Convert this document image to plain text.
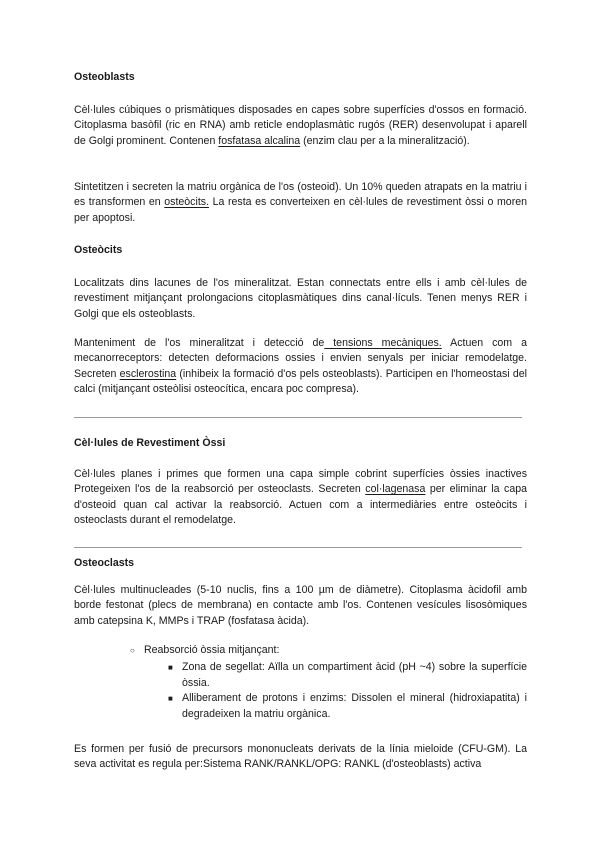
Osteoblasts

Cèl·lules cúbiques o prismàtiques disposades en capes sobre superfícies d'ossos en formació. Citoplasma basòfil (ric en RNA) amb reticle endoplasmàtic rugós (RER) desenvolupat i aparell de Golgi prominent. Contenen fosfatasa alcalina (enzim clau per a la mineralització).

Sintetitzen i secreten la matriu orgànica de l'os (osteoid). Un 10% queden atrapats en la matriu i es transformen en osteòcits. La resta es converteixen en cèl·lules de revestiment òssi o moren per apoptosi.

Osteòcits

Localitzats dins lacunes de l'os mineralitzat. Estan connectats entre ells i amb cèl·lules de revestiment mitjançant prolongacions citoplasmàtiques dins canal·lículs. Tenen menys RER i Golgi que els osteoblasts.

Manteniment de l'os mineralitzat i detecció de tensions mecàniques. Actuen com a mecanorreceptors: detecten deformacions ossies i envien senyals per iniciar remodelatge. Secreten esclerostina (inhibeix la formació d'os pels osteoblasts). Participen en l'homeostasi del calci (mitjançant osteòlisi osteocítica, encara poc compresa).

Cèl·lules de Revestiment Òssi

Cèl·lules planes i primes que formen una capa simple cobrint superfícies òssies inactives Protegeixen l'os de la reabsorció per osteoclasts. Secreten col·lagenasa per eliminar la capa d'osteoid quan cal activar la reabsorció. Actuen com a intermediàries entre osteòcits i osteoclasts durant el remodelatge.

Osteoclasts

Cèl·lules multinucleades (5-10 nuclis, fins a 100 µm de diàmetre). Citoplasma àcidofil amb borde festonat (plecs de membrana) en contacte amb l'os. Contenen vesícules lisosòmiques amb catepsina K, MMPs i TRAP (fosfatasa àcida).

○ Reabsorció òssia mitjançant:
■ Zona de segellat: Aïlla un compartiment àcid (pH ~4) sobre la superfície òssia.
■ Alliberament de protons i enzims: Dissolen el mineral (hidroxiapatita) i degradeixen la matriu orgànica.

Es formen per fusió de precursors mononucleats derivats de la línia mieloide (CFU-GM). La seva activitat es regula per:Sistema RANK/RANKL/OPG: RANKL (d'osteoblasts) activa
